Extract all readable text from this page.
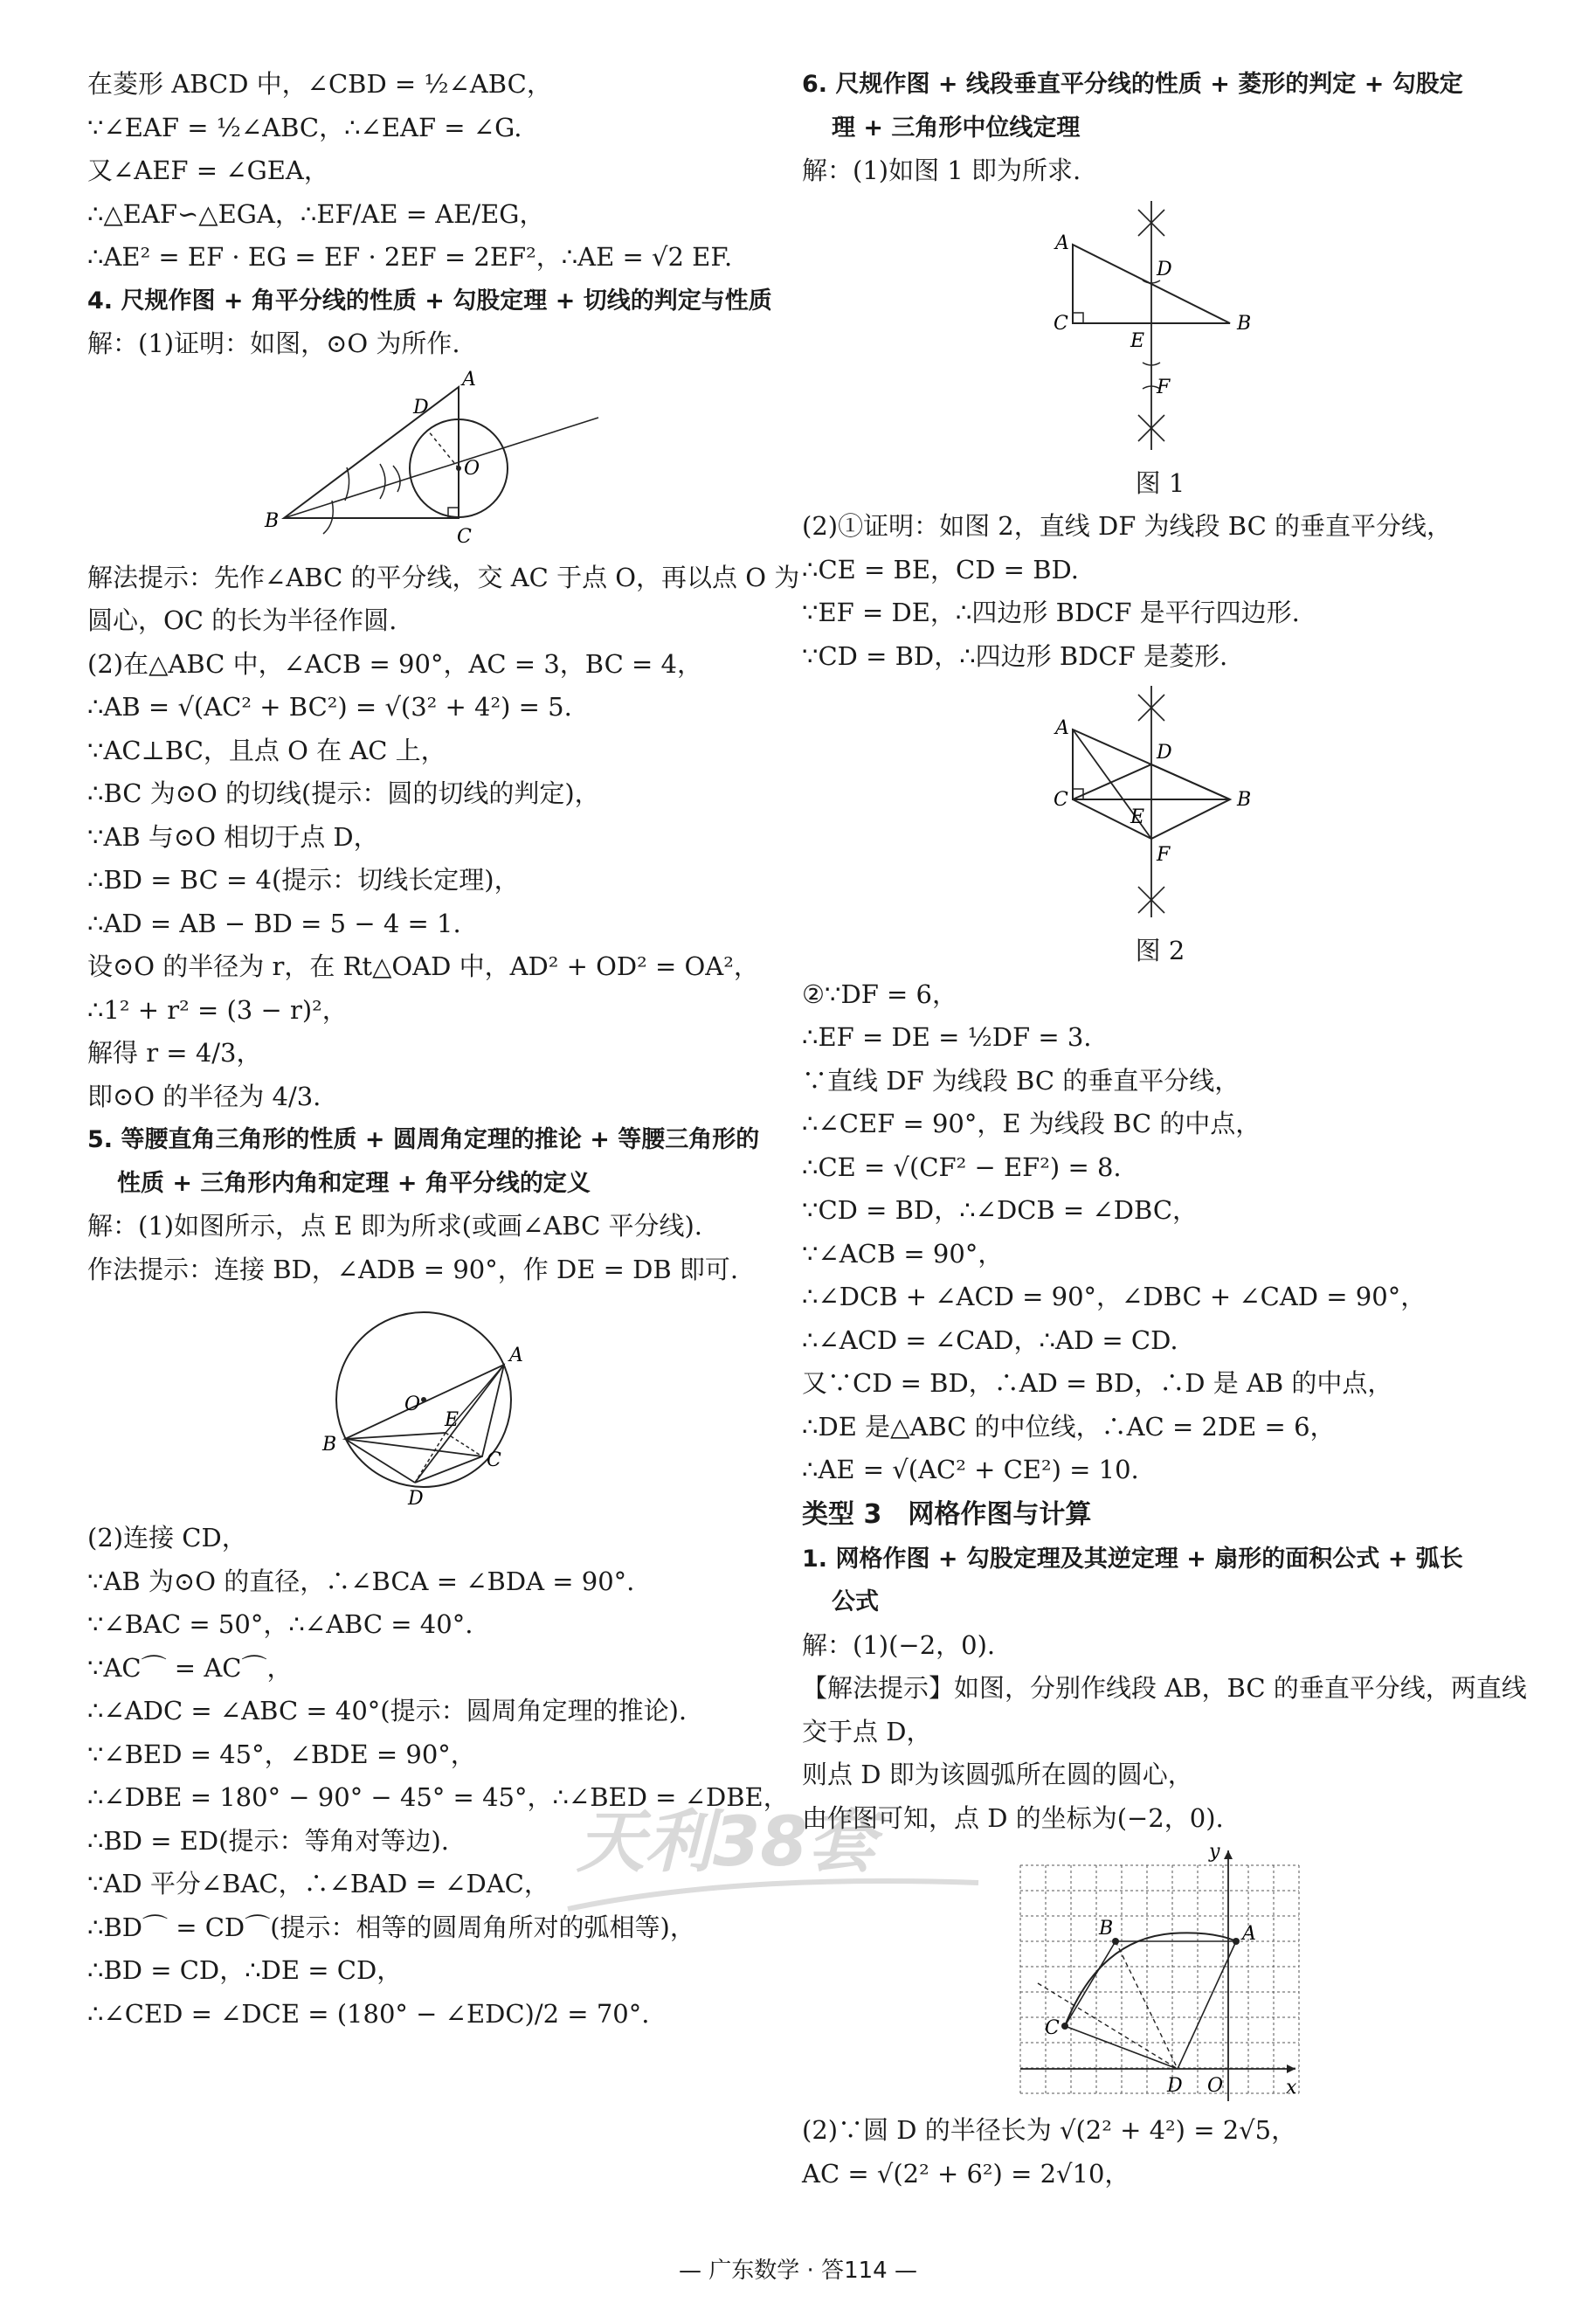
在菱形 ABCD 中，∠CBD = ½∠ABC，
∵∠EAF = ½∠ABC，∴∠EAF = ∠G.
又∠AEF = ∠GEA，
∴△EAF∽△EGA，∴EF/AE = AE/EG，
∴AE² = EF · EG = EF · 2EF = 2EF²，∴AE = √2 EF.
4. 尺规作图 + 角平分线的性质 + 勾股定理 + 切线的判定与性质
解：(1)证明：如图，⊙O 为所作.
A
B
C
D
O
解法提示：先作∠ABC 的平分线，交 AC 于点 O，再以点 O 为
圆心，OC 的长为半径作圆.
(2)在△ABC 中，∠ACB = 90°，AC = 3，BC = 4，
∴AB = √(AC² + BC²) = √(3² + 4²) = 5.
∵AC⊥BC，且点 O 在 AC 上，
∴BC 为⊙O 的切线(提示：圆的切线的判定)，
∵AB 与⊙O 相切于点 D，
∴BD = BC = 4(提示：切线长定理)，
∴AD = AB − BD = 5 − 4 = 1.
设⊙O 的半径为 r，在 Rt△OAD 中，AD² + OD² = OA²，
∴1² + r² = (3 − r)²，
解得 r = 4/3，
即⊙O 的半径为 4/3.
5. 等腰直角三角形的性质 + 圆周角定理的推论 + 等腰三角形的
性质 + 三角形内角和定理 + 角平分线的定义
解：(1)如图所示，点 E 即为所求(或画∠ABC 平分线).
作法提示：连接 BD，∠ADB = 90°，作 DE = DB 即可.
A
B
C
D
E
O
(2)连接 CD，
∵AB 为⊙O 的直径，∴∠BCA = ∠BDA = 90°.
∵∠BAC = 50°，∴∠ABC = 40°.
∵AC⌒ = AC⌒，
∴∠ADC = ∠ABC = 40°(提示：圆周角定理的推论).
∵∠BED = 45°，∠BDE = 90°，
∴∠DBE = 180° − 90° − 45° = 45°，∴∠BED = ∠DBE，
∴BD = ED(提示：等角对等边).
∵AD 平分∠BAC，∴∠BAD = ∠DAC，
∴BD⌒ = CD⌒(提示：相等的圆周角所对的弧相等)，
∴BD = CD，∴DE = CD，
∴∠CED = ∠DCE = (180° − ∠EDC)/2 = 70°.
6. 尺规作图 + 线段垂直平分线的性质 + 菱形的判定 + 勾股定
理 + 三角形中位线定理
解：(1)如图 1 即为所求.
A
B
C
D
E
F
图 1
(2)①证明：如图 2，直线 DF 为线段 BC 的垂直平分线，
∴CE = BE，CD = BD.
∵EF = DE，∴四边形 BDCF 是平行四边形.
∵CD = BD，∴四边形 BDCF 是菱形.
A
B
C
D
E
F
图 2
②∵DF = 6，
∴EF = DE = ½DF = 3.
∵直线 DF 为线段 BC 的垂直平分线，
∴∠CEF = 90°，E 为线段 BC 的中点，
∴CE = √(CF² − EF²) = 8.
∵CD = BD，∴∠DCB = ∠DBC，
∵∠ACB = 90°，
∴∠DCB + ∠ACD = 90°，∠DBC + ∠CAD = 90°，
∴∠ACD = ∠CAD，∴AD = CD.
又∵CD = BD，∴AD = BD，∴D 是 AB 的中点，
∴DE 是△ABC 的中位线，∴AC = 2DE = 6，
∴AE = √(AC² + CE²) = 10.
类型 3　网格作图与计算
1. 网格作图 + 勾股定理及其逆定理 + 扇形的面积公式 + 弧长
公式
解：(1)(−2，0).
【解法提示】如图，分别作线段 AB，BC 的垂直平分线，两直线
交于点 D，
则点 D 即为该圆弧所在圆的圆心，
由作图可知，点 D 的坐标为(−2，0).
A
B
C
D O	x
y
(2)∵圆 D 的半径长为 √(2² + 4²) = 2√5，
AC = √(2² + 6²) = 2√10，
天利38套
— 广东数学 · 答114 —
